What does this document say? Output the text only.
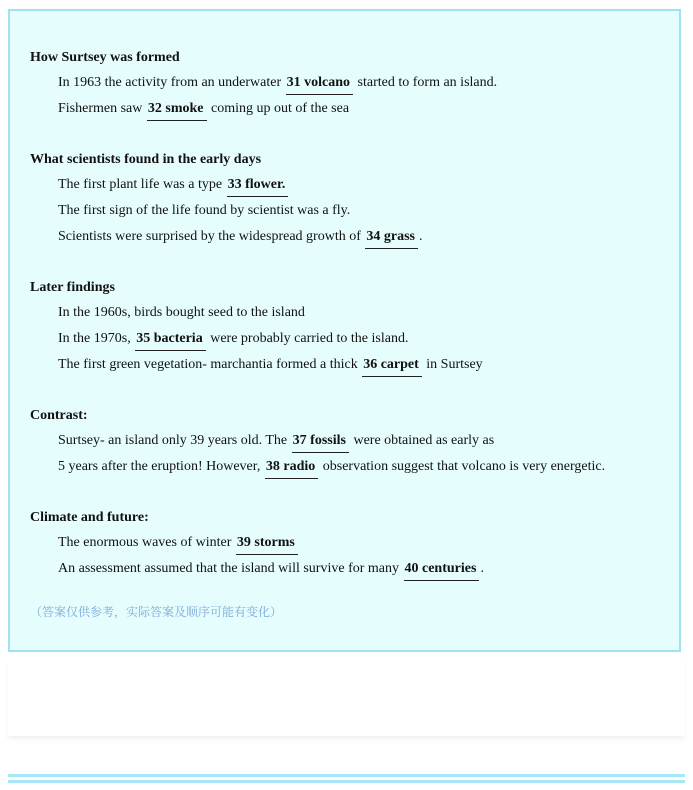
How Surtsey was formed

In 1963 the activity from an underwater 31 volcano started to form an island.

Fishermen saw 32 smoke coming up out of the sea

What scientists found in the early days

The first plant life was a type 33 flower.

The first sign of the life found by scientist was a fly.

Scientists were surprised by the widespread growth of 34 grass .

Later findings

In the 1960s, birds bought seed to the island

In the 1970s, 35 bacteria were probably carried to the island.

The first green vegetation- marchantia formed a thick 36 carpet in Surtsey

Contrast:

Surtsey- an island only 39 years old. The 37 fossils were obtained as early as

5 years after the eruption! However, 38 radio observation suggest that volcano is very energetic.

Climate and future:

The enormous waves of winter 39 storms

An assessment assumed that the island will survive for many 40 centuries .

（答案仅供参考，实际答案及顺序可能有变化）
